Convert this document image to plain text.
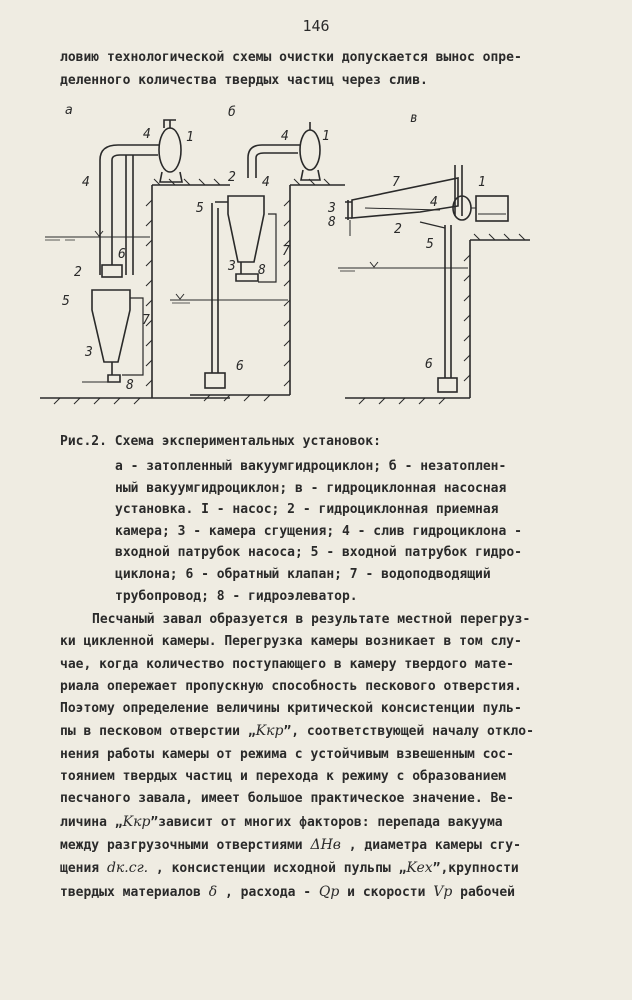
146
ловию технологической схемы очистки допускается вынос опре-
деленного количества твердых частиц через слив.
а
1
4
4
2
6
5
7
3
8
б
4	1
2 4
5
7
3 8
6
в
7	1
3
8
4
2
5
6
Рис.2. Схема экспериментальных установок:
а - затопленный вакуумгидроциклон; б - незатоплен-
ный вакуумгидроциклон; в - гидроциклонная насосная
установка. I - насос; 2 - гидроциклонная приемная
камера; 3 - камера сгущения; 4 - слив гидроциклона -
входной патрубок насоса; 5 - входной патрубок гидро-
циклона; 6 - обратный клапан; 7 - водоподводящий
трубопровод; 8 - гидроэлеватор.
Песчаный завал образуется в результате местной перегруз-
ки цикленной камеры. Перегрузка камеры возникает в том слу-
чае, когда количество поступающего в камеру твердого мате-
риала опережает пропускную способность пескового отверстия.
Поэтому определение величины критической консистенции пуль-
пы в песковом отверстии „Kкр”, соответствующей началу откло-
нения работы камеры от режима с устойчивым взвешенным сос-
тоянием твердых частиц и перехода к режиму с образованием
песчаного завала, имеет большое практическое значение. Ве-
личина „Kкр”зависит от многих факторов: перепада вакуума
между разгрузочными отверстиями ΔHв , диаметра камеры сгу-
щения dк.сг. , консистенции исходной пульпы „Kex”,крупности
твердых материалов δ , расхода - Qр и скорости Vр рабочей
